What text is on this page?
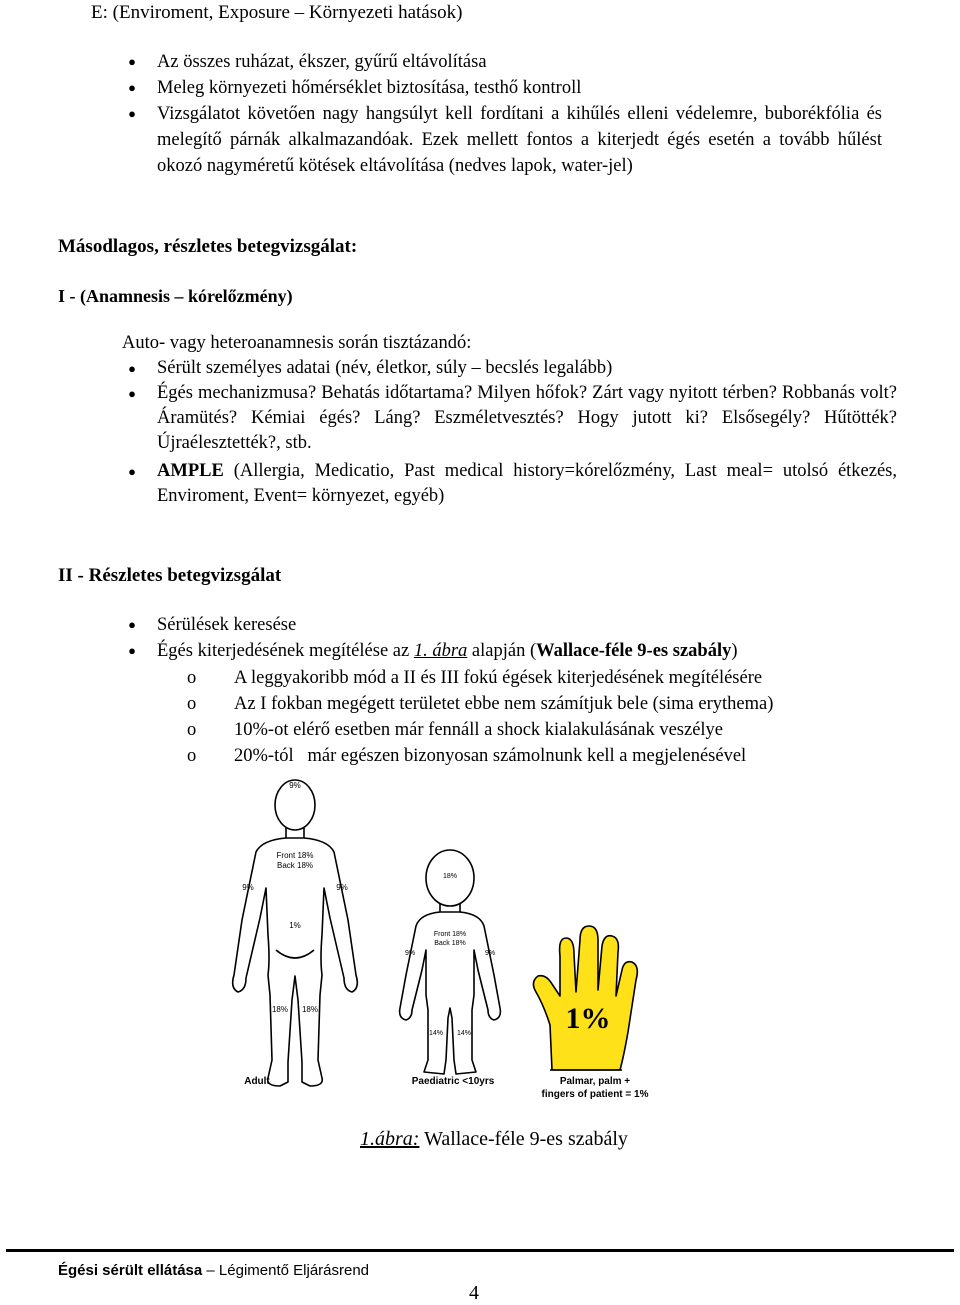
E: (Enviroment, Exposure – Környezeti hatások)
●	Az összes ruházat, ékszer, gyűrű eltávolítása
●	Meleg környezeti hőmérséklet biztosítása, testhő kontroll
●	Vizsgálatot követően nagy hangsúlyt kell fordítani a kihűlés elleni védelemre, buborékfólia és melegítő párnák alkalmazandóak. Ezek mellett fontos a kiterjedt égés esetén a tovább hűlést okozó nagyméretű kötések eltávolítása (nedves lapok, water-jel)
Másodlagos, részletes betegvizsgálat:
I - (Anamnesis – kórelőzmény)
Auto- vagy heteroanamnesis során tisztázandó:
●	Sérült személyes adatai (név, életkor, súly – becslés legalább)
●	Égés mechanizmusa? Behatás időtartama? Milyen hőfok? Zárt vagy nyitott térben? Robbanás volt? Áramütés? Kémiai égés? Láng? Eszméletvesztés? Hogy jutott ki? Elsősegély? Hűtötték? Újraélesztették?, stb.
●	AMPLE (Allergia, Medicatio, Past medical history=kórelőzmény, Last meal= utolsó étkezés, Enviroment, Event= környezet, egyéb)
II - Részletes betegvizsgálat
●	Sérülések keresése
●	Égés kiterjedésének megítélése az 1. ábra alapján (Wallace-féle 9-es szabály)
o	A leggyakoribb mód a II és III fokú égések kiterjedésének megítélésére
o	Az I fokban megégett területet ebbe nem számítjuk bele (sima erythema)
o	10%-ot elérő esetben már fennáll a shock kialakulásának veszélye
o	20%-tól   már egészen bizonyosan számolnunk kell a megjelenésével
9%
Front 18%
Back 18%
9%	9%
1%
18% 18%
Adult
18%
Front 18%
Back 18%
9%	9%
14% 14%
Paediatric <10yrs
1%
Palmar, palm +
fingers of patient = 1%
1.ábra: Wallace-féle 9-es szabály
Égési sérült ellátása – Légimentő Eljárásrend
4
